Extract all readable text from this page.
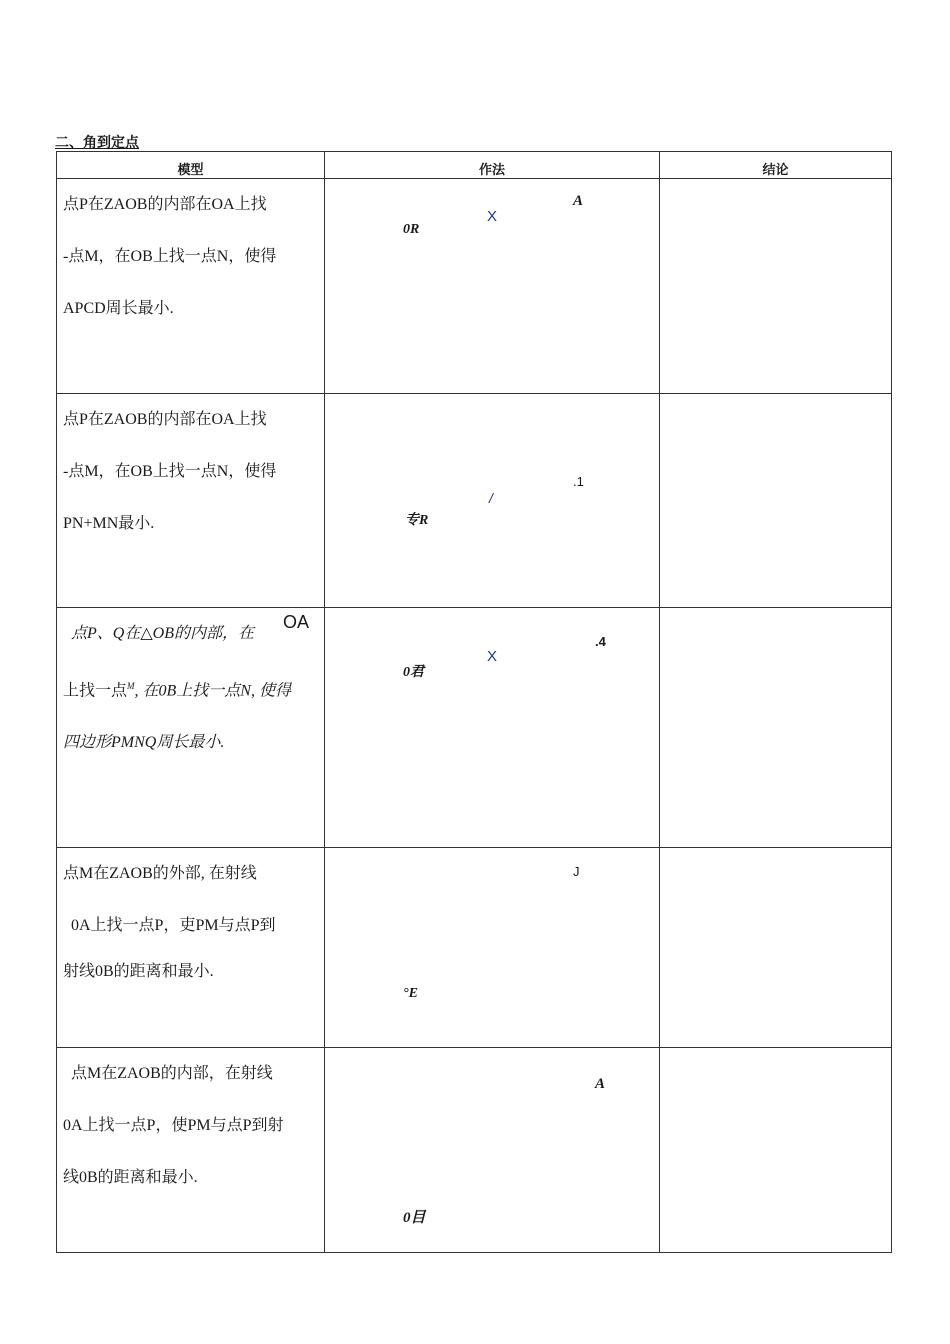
二、角到定点
模型	作法	结论

点P在ZAOB的内部在OA上找

-点M，在OB上找一点N，使得

APCD周长最小.

A
X
0R

点P在ZAOB的内部在OA上找

-点M，在OB上找一点N，使得

PN+MN最小.

.1
/
专R

点P、Q在△OB的内部，在
OA

上找一点$^M$, 在0B上找一点N, 使得

四边形PMNQ周长最小.

.4
X
0君

点M在ZAOB的外部, 在射线

0A上找一点P，吏PM与点P到

射线0B的距离和最小.

J
°E

点M在ZAOB的内部，在射线

0A上找一点P，使PM与点P到射

线0B的距离和最小.

A
0目
